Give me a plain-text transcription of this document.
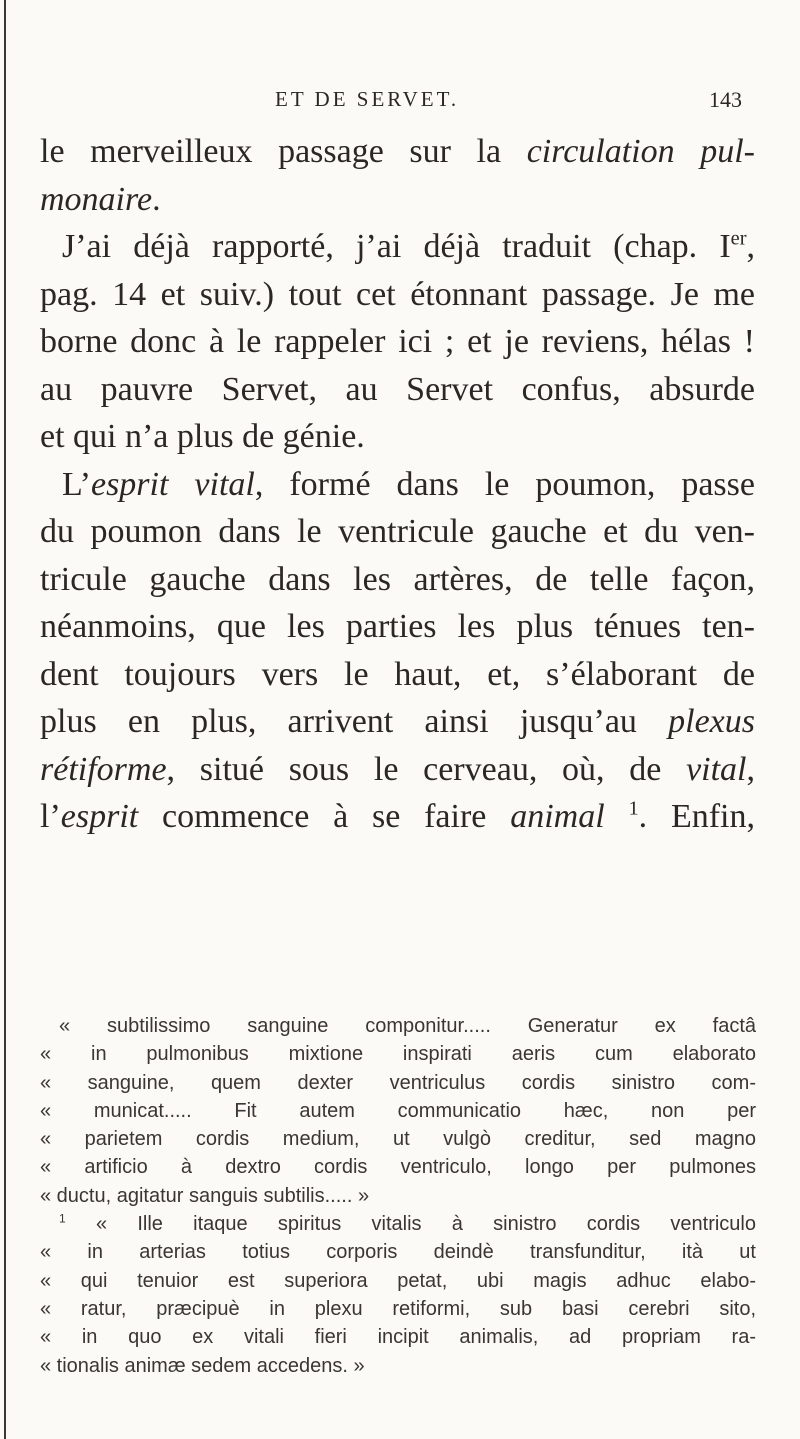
ET DE SERVET.	143
le merveilleux passage sur la circulation pul-
monaire.
J’ai déjà rapporté, j’ai déjà traduit (chap. Ier,
pag. 14 et suiv.) tout cet étonnant passage. Je me
borne donc à le rappeler ici ; et je reviens, hélas !
au pauvre Servet, au Servet confus, absurde
et qui n’a plus de génie.
L’esprit vital, formé dans le poumon, passe
du poumon dans le ventricule gauche et du ven-
tricule gauche dans les artères, de telle façon,
néanmoins, que les parties les plus ténues ten-
dent toujours vers le haut, et, s’élaborant de
plus en plus, arrivent ainsi jusqu’au plexus
rétiforme, situé sous le cerveau, où, de vital,
l’esprit commence à se faire animal $^1$. Enfin,
« subtilissimo sanguine componitur..... Generatur ex factâ
« in pulmonibus mixtione inspirati aeris cum elaborato
« sanguine, quem dexter ventriculus cordis sinistro com-
« municat..... Fit autem communicatio hæc, non per
« parietem cordis medium, ut vulgò creditur, sed magno
« artificio à dextro cordis ventriculo, longo per pulmones
« ductu, agitatur sanguis subtilis..... »
$^1$ « Ille itaque spiritus vitalis à sinistro cordis ventriculo
« in arterias totius corporis deindè transfunditur, ità ut
« qui tenuior est superiora petat, ubi magis adhuc elabo-
« ratur, præcipuè in plexu retiformi, sub basi cerebri sito,
« in quo ex vitali fieri incipit animalis, ad propriam ra-
« tionalis animæ sedem accedens. »
